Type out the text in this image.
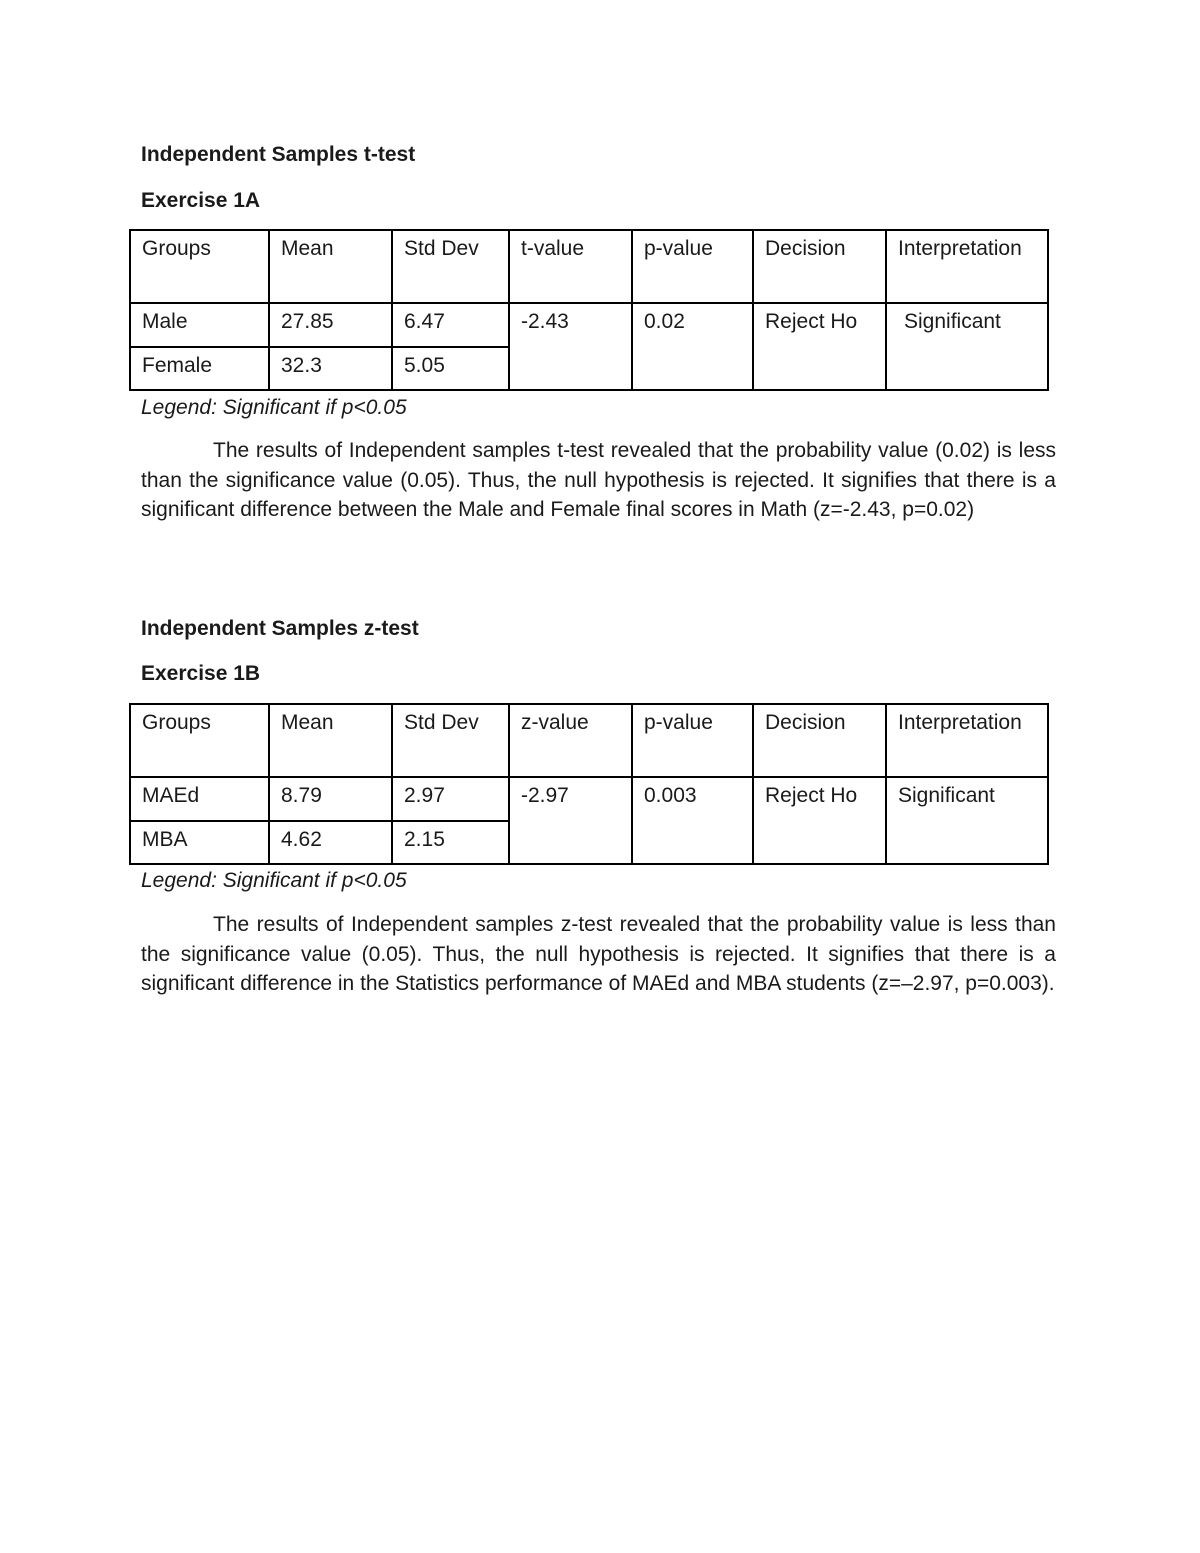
Independent Samples t-test

Exercise 1A

Groups	Mean	Std Dev	t-value	p-value	Decision	Interpretation
Male	27.85	6.47	-2.43	0.02	Reject Ho	Significant
Female	32.3	5.05				

Legend: Significant if p<0.05

The results of Independent samples t-test revealed that the probability value (0.02) is less than the significance value (0.05). Thus, the null hypothesis is rejected. It signifies that there is a significant difference between the Male and Female final scores in Math (z=-2.43, p=0.02)

Independent Samples z-test

Exercise 1B

Groups	Mean	Std Dev	z-value	p-value	Decision	Interpretation
MAEd	8.79	2.97	-2.97	0.003	Reject Ho	Significant
MBA	4.62	2.15				

Legend: Significant if p<0.05

The results of Independent samples z-test revealed that the probability value is less than the significance value (0.05). Thus, the null hypothesis is rejected. It signifies that there is a significant difference in the Statistics performance of MAEd and MBA students (z=–2.97, p=0.003).
